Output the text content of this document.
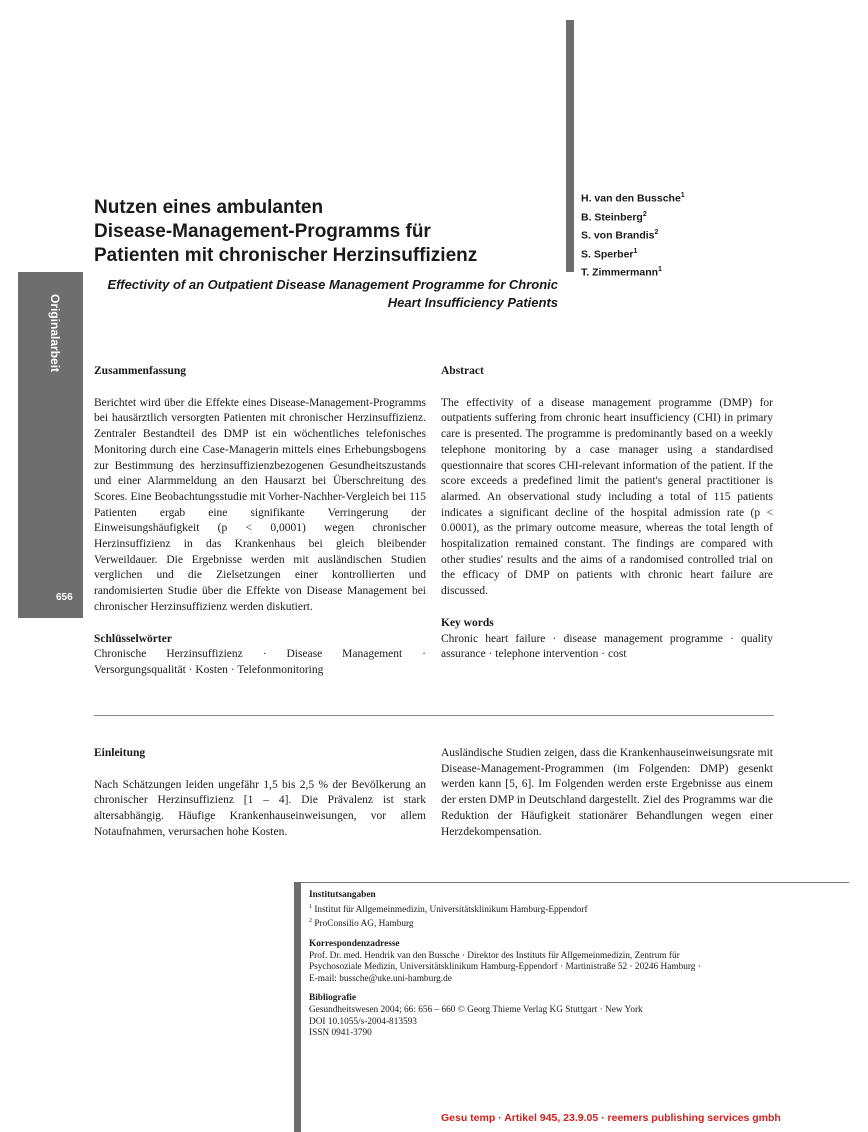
Originalarbeit
656
Nutzen eines ambulanten
Disease-Management-Programms für
Patienten mit chronischer Herzinsuffizienz
H. van den Bussche$^1$
B. Steinberg$^2$
S. von Brandis$^2$
S. Sperber$^1$
T. Zimmermann$^1$
Effectivity of an Outpatient Disease Management Programme for Chronic Heart Insufficiency Patients
Zusammenfassung

Berichtet wird über die Effekte eines Disease-Management-Programms bei hausärztlich versorgten Patienten mit chronischer Herzinsuffizienz. Zentraler Bestandteil des DMP ist ein wöchentliches telefonisches Monitoring durch eine Case-Managerin mittels eines Erhebungsbogens zur Bestimmung des herzinsuffizienzbezogenen Gesundheitszustands und einer Alarmmeldung an den Hausarzt bei Überschreitung des Scores. Eine Beobachtungsstudie mit Vorher-Nachher-Vergleich bei 115 Patienten ergab eine signifikante Verringerung der Einweisungshäufigkeit (p < 0,0001) wegen chronischer Herzinsuffizienz in das Krankenhaus bei gleich bleibender Verweildauer. Die Ergebnisse werden mit ausländischen Studien verglichen und die Zielsetzungen einer kontrollierten und randomisierten Studie über die Effekte von Disease Management bei chronischer Herzinsuffizienz werden diskutiert.

Schlüsselwörter

Chronische Herzinsuffizienz · Disease Management · Versorgungsqualität · Kosten · Telefonmonitoring

Abstract

The effectivity of a disease management programme (DMP) for outpatients suffering from chronic heart insufficiency (CHI) in primary care is presented. The programme is predominantly based on a weekly telephone monitoring by a case manager using a standardised questionnaire that scores CHI-relevant information of the patient. If the score exceeds a predefined limit the patient's general practitioner is alarmed. An observational study including a total of 115 patients indicates a significant decline of the hospital admission rate (p < 0.0001), as the primary outcome measure, whereas the total length of hospitalization remained constant. The findings are compared with other studies' results and the aims of a randomised controlled trial on the efficacy of DMP on patients with chronic heart failure are discussed.

Key words

Chronic heart failure · disease management programme · quality assurance · telephone intervention · cost

Einleitung

Nach Schätzungen leiden ungefähr 1,5 bis 2,5 % der Bevölkerung an chronischer Herzinsuffizienz [1 – 4]. Die Prävalenz ist stark altersabhängig. Häufige Krankenhauseinweisungen, vor allem Notaufnahmen, verursachen hohe Kosten.

Ausländische Studien zeigen, dass die Krankenhauseinweisungsrate mit Disease-Management-Programmen (im Folgenden: DMP) gesenkt werden kann [5, 6]. Im Folgenden werden erste Ergebnisse aus einem der ersten DMP in Deutschland dargestellt. Ziel des Programms war die Reduktion der Häufigkeit stationärer Behandlungen wegen einer Herzdekompensation.

Institutsangaben
$^1$ Institut für Allgemeinmedizin, Universitätsklinikum Hamburg-Eppendorf
$^2$ ProConsilio AG, Hamburg
Korrespondenzadresse
Prof. Dr. med. Hendrik van den Bussche · Direktor des Instituts für Allgemeinmedizin, Zentrum für
Psychosoziale Medizin, Universitätsklinikum Hamburg-Eppendorf · Martinistraße 52 · 20246 Hamburg ·
E-mail: bussche@uke.uni-hamburg.de
Bibliografie
Gesundheitswesen 2004; 66: 656 – 660 © Georg Thieme Verlag KG Stuttgart · New York
DOI 10.1055/s-2004-813593
ISSN 0941-3790
Gesu temp · Artikel 945, 23.9.05 · reemers publishing services gmbh
